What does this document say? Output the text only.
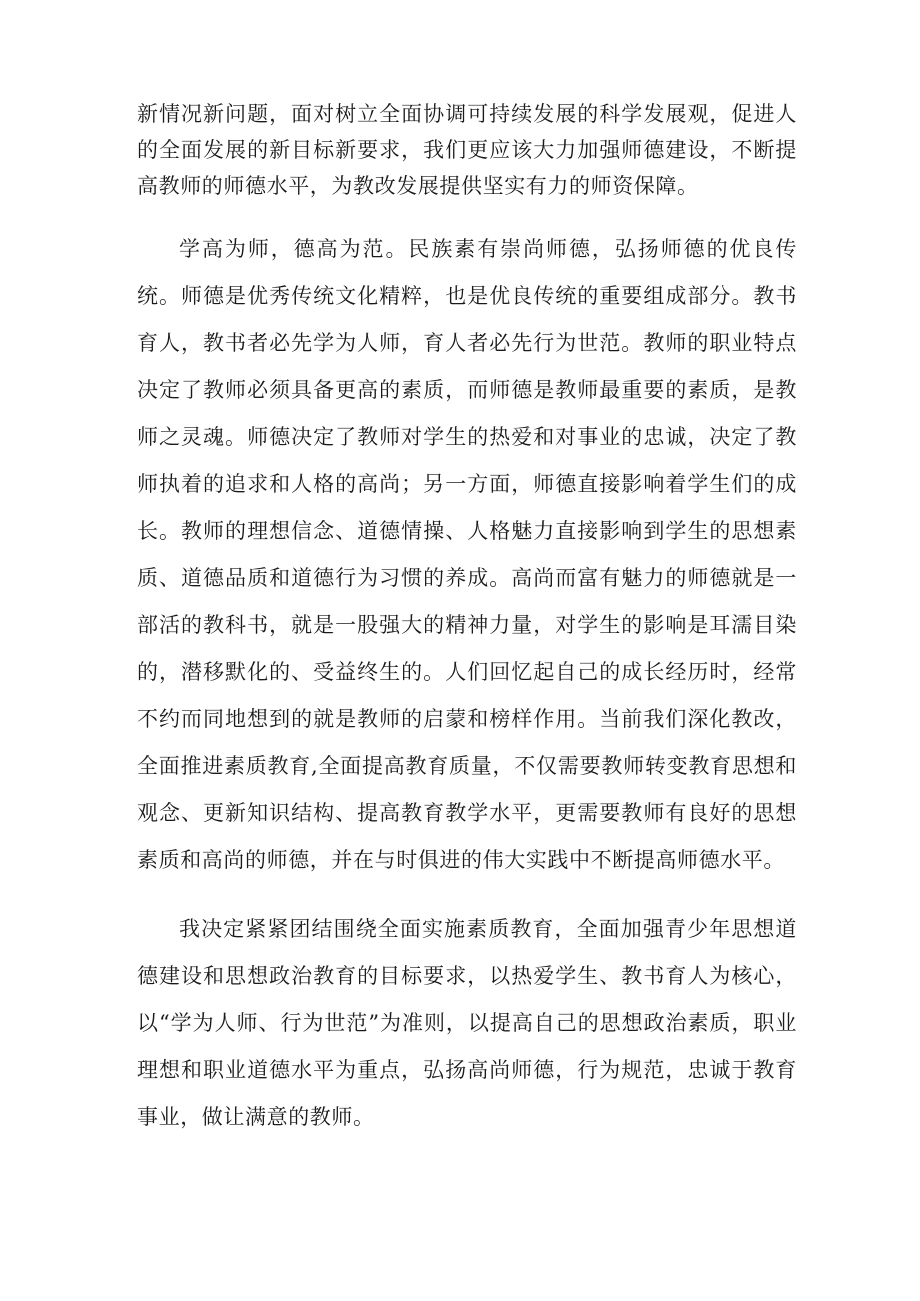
新情况新问题，面对树立全面协调可持续发展的科学发展观，促进人的全面发展的新目标新要求，我们更应该大力加强师德建设，不断提高教师的师德水平，为教改发展提供坚实有力的师资保障。

学高为师，德高为范。民族素有崇尚师德，弘扬师德的优良传统。师德是优秀传统文化精粹，也是优良传统的重要组成部分。教书育人，教书者必先学为人师，育人者必先行为世范。教师的职业特点决定了教师必须具备更高的素质，而师德是教师最重要的素质，是教师之灵魂。师德决定了教师对学生的热爱和对事业的忠诚，决定了教师执着的追求和人格的高尚；另一方面，师德直接影响着学生们的成长。教师的理想信念、道德情操、人格魅力直接影响到学生的思想素质、道德品质和道德行为习惯的养成。高尚而富有魅力的师德就是一部活的教科书，就是一股强大的精神力量，对学生的影响是耳濡目染的，潜移默化的、受益终生的。人们回忆起自己的成长经历时，经常不约而同地想到的就是教师的启蒙和榜样作用。当前我们深化教改，全面推进素质教育,全面提高教育质量，不仅需要教师转变教育思想和观念、更新知识结构、提高教育教学水平，更需要教师有良好的思想素质和高尚的师德，并在与时俱进的伟大实践中不断提高师德水平。

我决定紧紧团结围绕全面实施素质教育，全面加强青少年思想道德建设和思想政治教育的目标要求，以热爱学生、教书育人为核心，以“学为人师、行为世范”为准则，以提高自己的思想政治素质，职业理想和职业道德水平为重点，弘扬高尚师德，行为规范，忠诚于教育事业，做让满意的教师。
